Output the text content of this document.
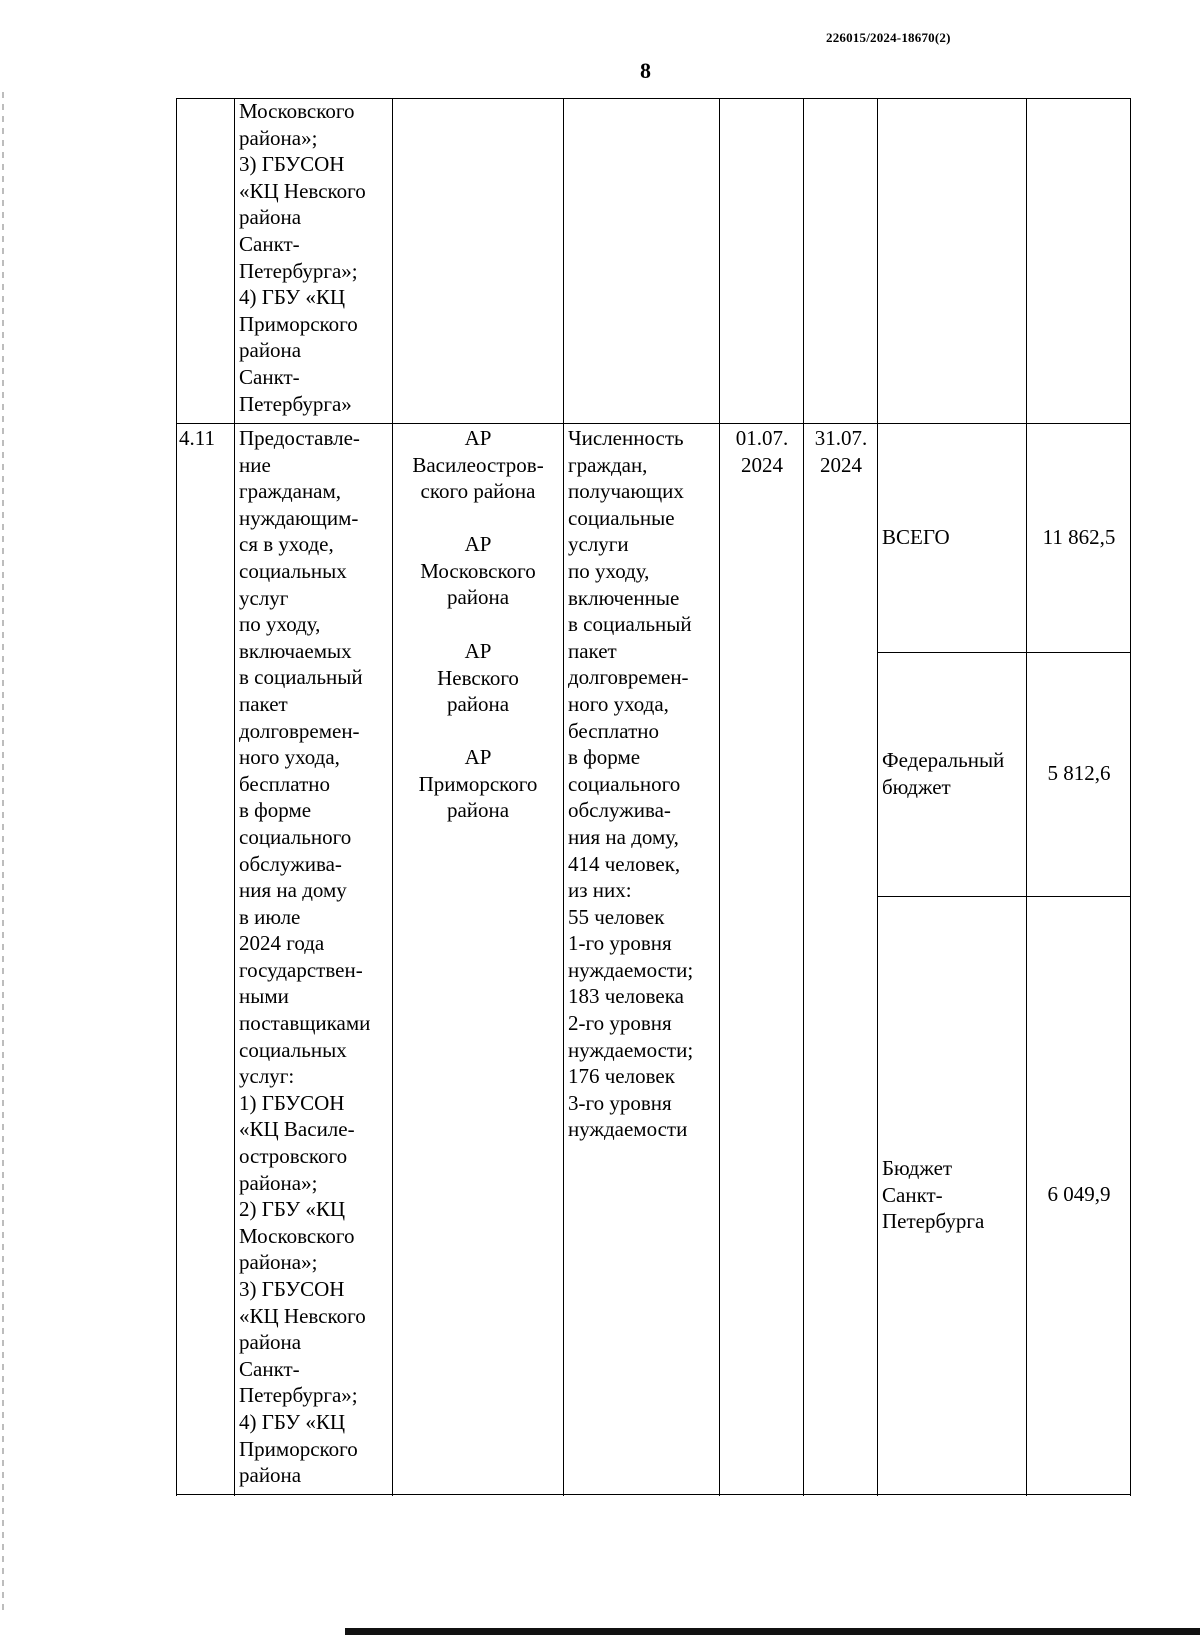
226015/2024-18670(2)
8
Московского
района»;
3) ГБУСОН
«КЦ Невского
района
Санкт-
Петербурга»;
4) ГБУ «КЦ
Приморского
района
Санкт-
Петербурга»
4.11 Предоставле-
ние
гражданам,
нуждающим-
ся в уходе,
социальных
услуг
по уходу,
включаемых
в социальный
пакет
долговремен-
ного ухода,
бесплатно
в форме
социального
обслужива-
ния на дому
в июле
2024 года
государствен-
ными
поставщиками
социальных
услуг:
1) ГБУСОН
«КЦ Василе-
островского
района»;
2) ГБУ «КЦ
Московского
района»;
3) ГБУСОН
«КЦ Невского
района
Санкт-
Петербурга»;
4) ГБУ «КЦ
Приморского
района
АР
Василеостров-
ского района
АР
Московского
района
АР
Невского
района
АР
Приморского
района
Численность
граждан,
получающих
социальные
услуги
по уходу,
включенные
в социальный
пакет
долговремен-
ного ухода,
бесплатно
в форме
социального
обслужива-
ния на дому,
414 человек,
из них:
55 человек
1-го уровня
нуждаемости;
183 человека
2-го уровня
нуждаемости;
176 человек
3-го уровня
нуждаемости
01.07.
2024
31.07.
2024
ВСЕГО	11 862,5
Федеральный
бюджет
5 812,6
Бюджет
Санкт-
Петербурга
6 049,9
